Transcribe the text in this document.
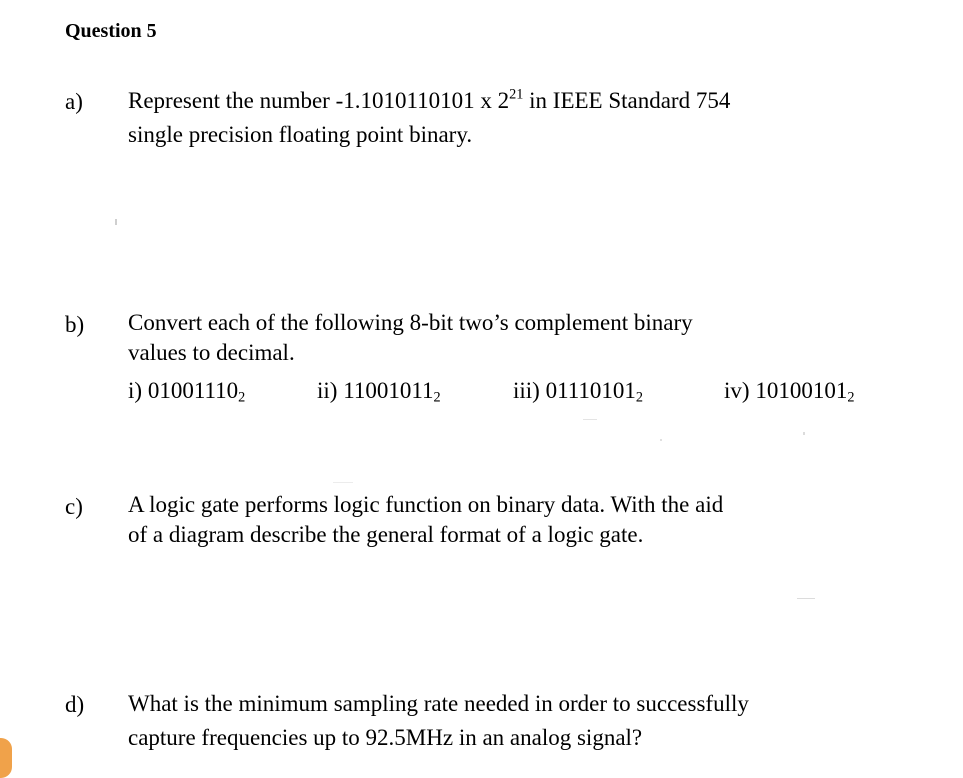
Question 5
a) Represent the number -1.1010110101 x $2^{21}$ in IEEE Standard 754
single precision floating point binary.
b) Convert each of the following 8-bit two’s complement binary
values to decimal.
i) $01001110_2$	ii) $11001011_2$	iii) $01110101_2$	iv) $10100101_2$
c) A logic gate performs logic function on binary data. With the aid
of a diagram describe the general format of a logic gate.
d) What is the minimum sampling rate needed in order to successfully
capture frequencies up to 92.5MHz in an analog signal?
